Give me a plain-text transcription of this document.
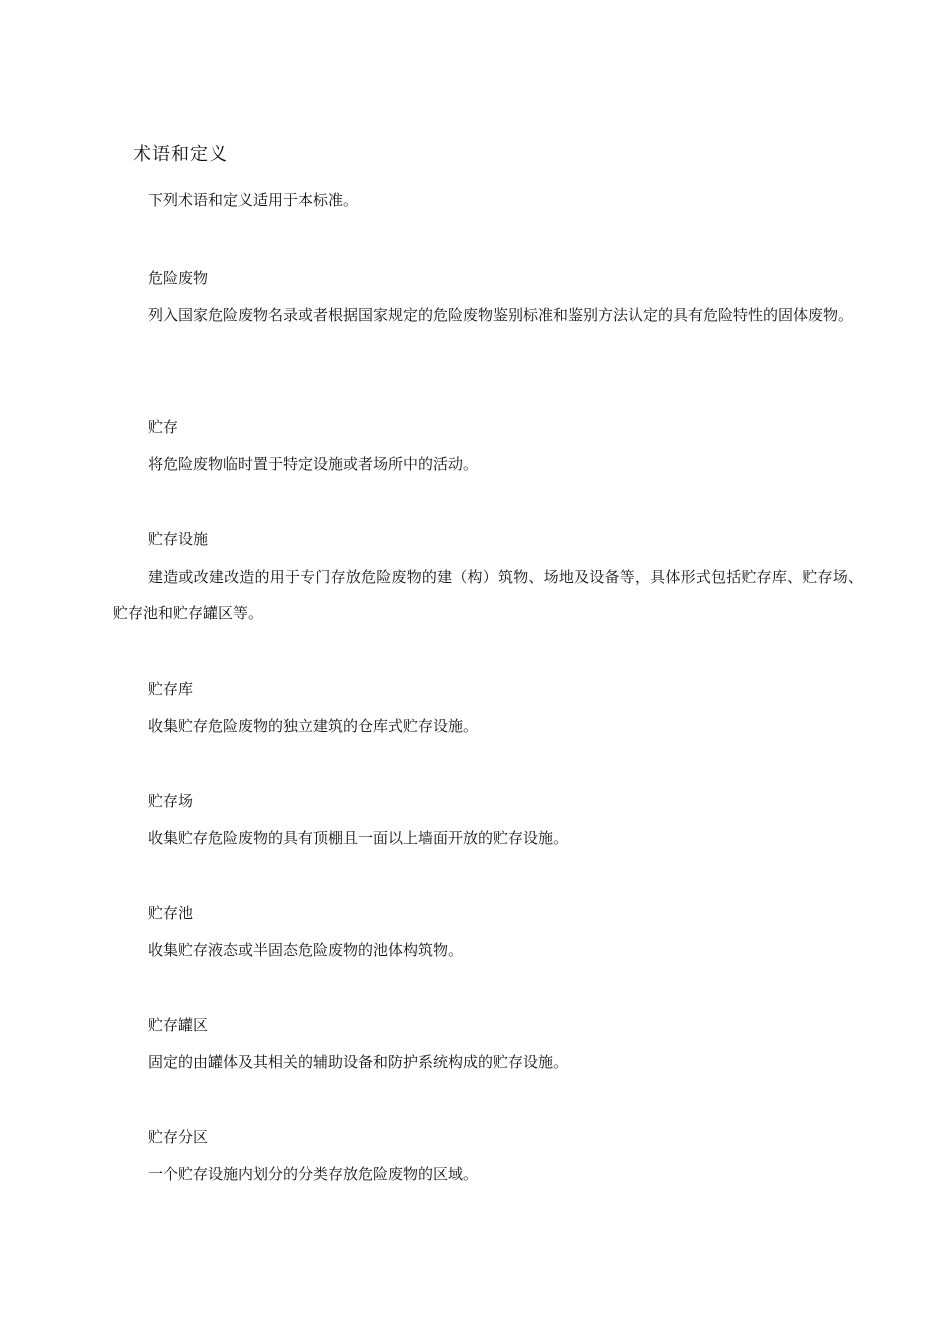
术语和定义
下列术语和定义适用于本标准。
危险废物
列入国家危险废物名录或者根据国家规定的危险废物鉴别标准和鉴别方法认定的具有危险特性的固体废物。
贮存
将危险废物临时置于特定设施或者场所中的活动。
贮存设施
建造或改建改造的用于专门存放危险废物的建（构）筑物、场地及设备等，具体形式包括贮存库、贮存场、贮存池和贮存罐区等。
贮存库
收集贮存危险废物的独立建筑的仓库式贮存设施。
贮存场
收集贮存危险废物的具有顶棚且一面以上墙面开放的贮存设施。
贮存池
收集贮存液态或半固态危险废物的池体构筑物。
贮存罐区
固定的由罐体及其相关的辅助设备和防护系统构成的贮存设施。
贮存分区
一个贮存设施内划分的分类存放危险废物的区域。
